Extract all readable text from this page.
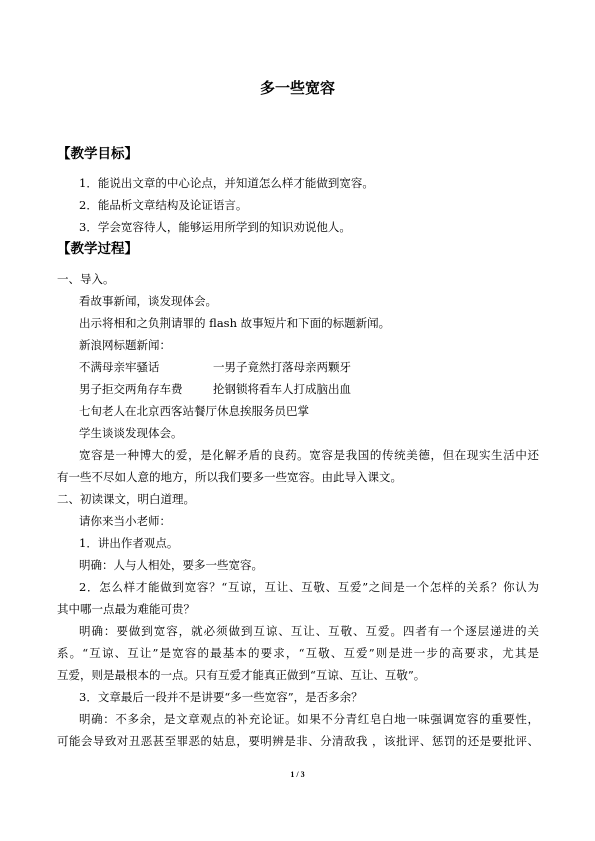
多一些宽容
【教学目标】
1．能说出文章的中心论点，并知道怎么样才能做到宽容。
2．能品析文章结构及论证语言。
3．学会宽容待人，能够运用所学到的知识劝说他人。
【教学过程】
一、导入。
看故事新闻，谈发现体会。
出示将相和之负荆请罪的 flash 故事短片和下面的标题新闻。
新浪网标题新闻：
不满母亲牢骚话	一男子竟然打落母亲两颗牙
男子拒交两角存车费	抡钢锁将看车人打成脑出血
七旬老人在北京西客站餐厅休息挨服务员巴掌
学生谈谈发现体会。
宽容是一种博大的爱，是化解矛盾的良药。宽容是我国的传统美德，但在现实生活中还
有一些不尽如人意的地方，所以我们要多一些宽容。由此导入课文。
二、初读课文，明白道理。
请你来当小老师：
1．讲出作者观点。
明确：人与人相处，要多一些宽容。
2．怎么样才能做到宽容？“互谅，互让、互敬、互爱”之间是一个怎样的关系？你认为
其中哪一点最为难能可贵？
明确：要做到宽容，就必须做到互谅、互让、互敬、互爱。四者有一个逐层递进的关
系。“互谅、互让”是宽容的最基本的要求，“互敬、互爱”则是进一步的高要求，尤其是
互爱，则是最根本的一点。只有互爱才能真正做到“互谅、互让、互敬”。
3．文章最后一段并不是讲要“多一些宽容”，是否多余？
明确：不多余，是文章观点的补充论证。如果不分青红皂白地一味强调宽容的重要性，
可能会导致对丑恶甚至罪恶的姑息，要明辨是非、分清敌我 ，该批评、惩罚的还是要批评、
1 / 3
